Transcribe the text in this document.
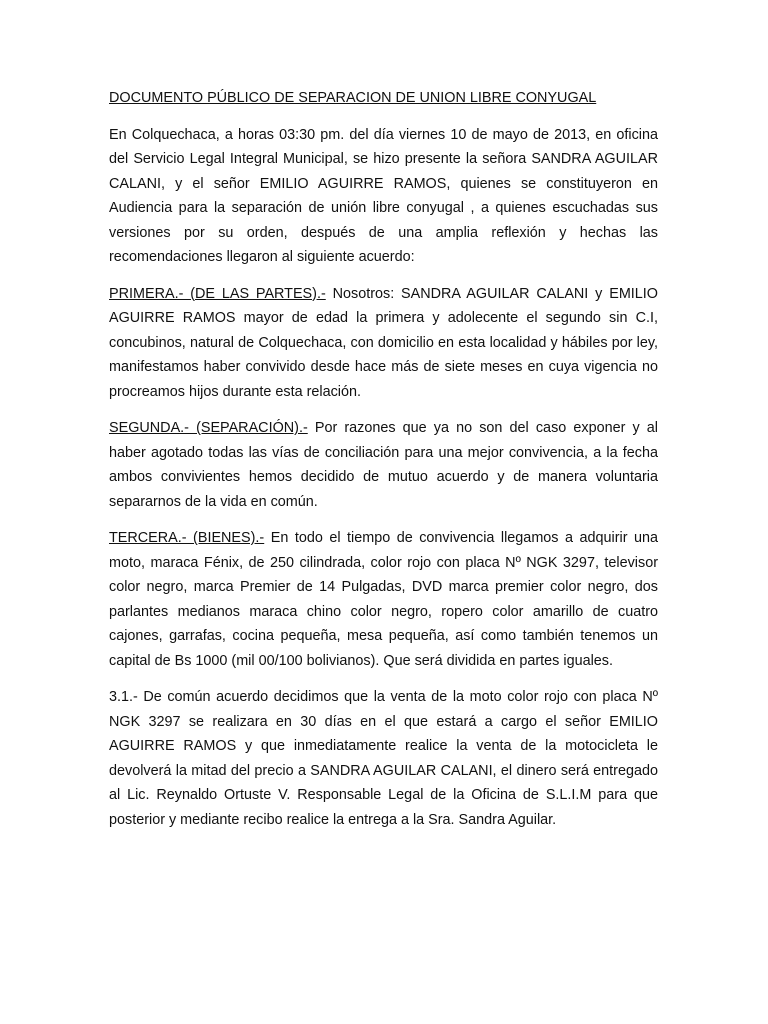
DOCUMENTO PÚBLICO DE SEPARACION DE UNION LIBRE CONYUGAL

En Colquechaca, a horas 03:30 pm. del día viernes 10 de mayo de 2013, en oficina del Servicio Legal Integral Municipal, se hizo presente la señora SANDRA AGUILAR CALANI, y el señor EMILIO AGUIRRE RAMOS, quienes se constituyeron en Audiencia para la separación de unión libre conyugal , a quienes escuchadas sus versiones por su orden, después de una amplia reflexión y hechas las recomendaciones llegaron al siguiente acuerdo:

PRIMERA.- (DE LAS PARTES).- Nosotros: SANDRA AGUILAR CALANI y EMILIO AGUIRRE RAMOS mayor de edad la primera y adolecente el segundo sin C.I, concubinos, natural de Colquechaca, con domicilio en esta localidad y hábiles por ley, manifestamos haber convivido desde hace más de siete meses en cuya vigencia no procreamos hijos durante esta relación.

SEGUNDA.- (SEPARACIÓN).- Por razones que ya no son del caso exponer y al haber agotado todas las vías de conciliación para una mejor convivencia, a la fecha ambos convivientes hemos decidido de mutuo acuerdo y de manera voluntaria separarnos de la vida en común.

TERCERA.- (BIENES).- En todo el tiempo de convivencia llegamos a adquirir una moto, maraca Fénix, de 250 cilindrada, color rojo con placa Nº NGK 3297, televisor color negro, marca Premier de 14 Pulgadas, DVD marca premier color negro, dos parlantes medianos maraca chino color negro, ropero color amarillo de cuatro cajones, garrafas, cocina pequeña, mesa pequeña, así como también tenemos un capital de Bs 1000 (mil 00/100 bolivianos). Que será dividida en partes iguales.

3.1.- De común acuerdo decidimos que la venta de la moto color rojo con placa Nº NGK 3297 se realizara en 30 días en el que estará a cargo el señor EMILIO AGUIRRE RAMOS y que inmediatamente realice la venta de la motocicleta le devolverá la mitad del precio a SANDRA AGUILAR CALANI, el dinero será entregado al Lic. Reynaldo Ortuste V. Responsable Legal de la Oficina de S.L.I.M para que posterior y mediante recibo realice la entrega a la Sra. Sandra Aguilar.
